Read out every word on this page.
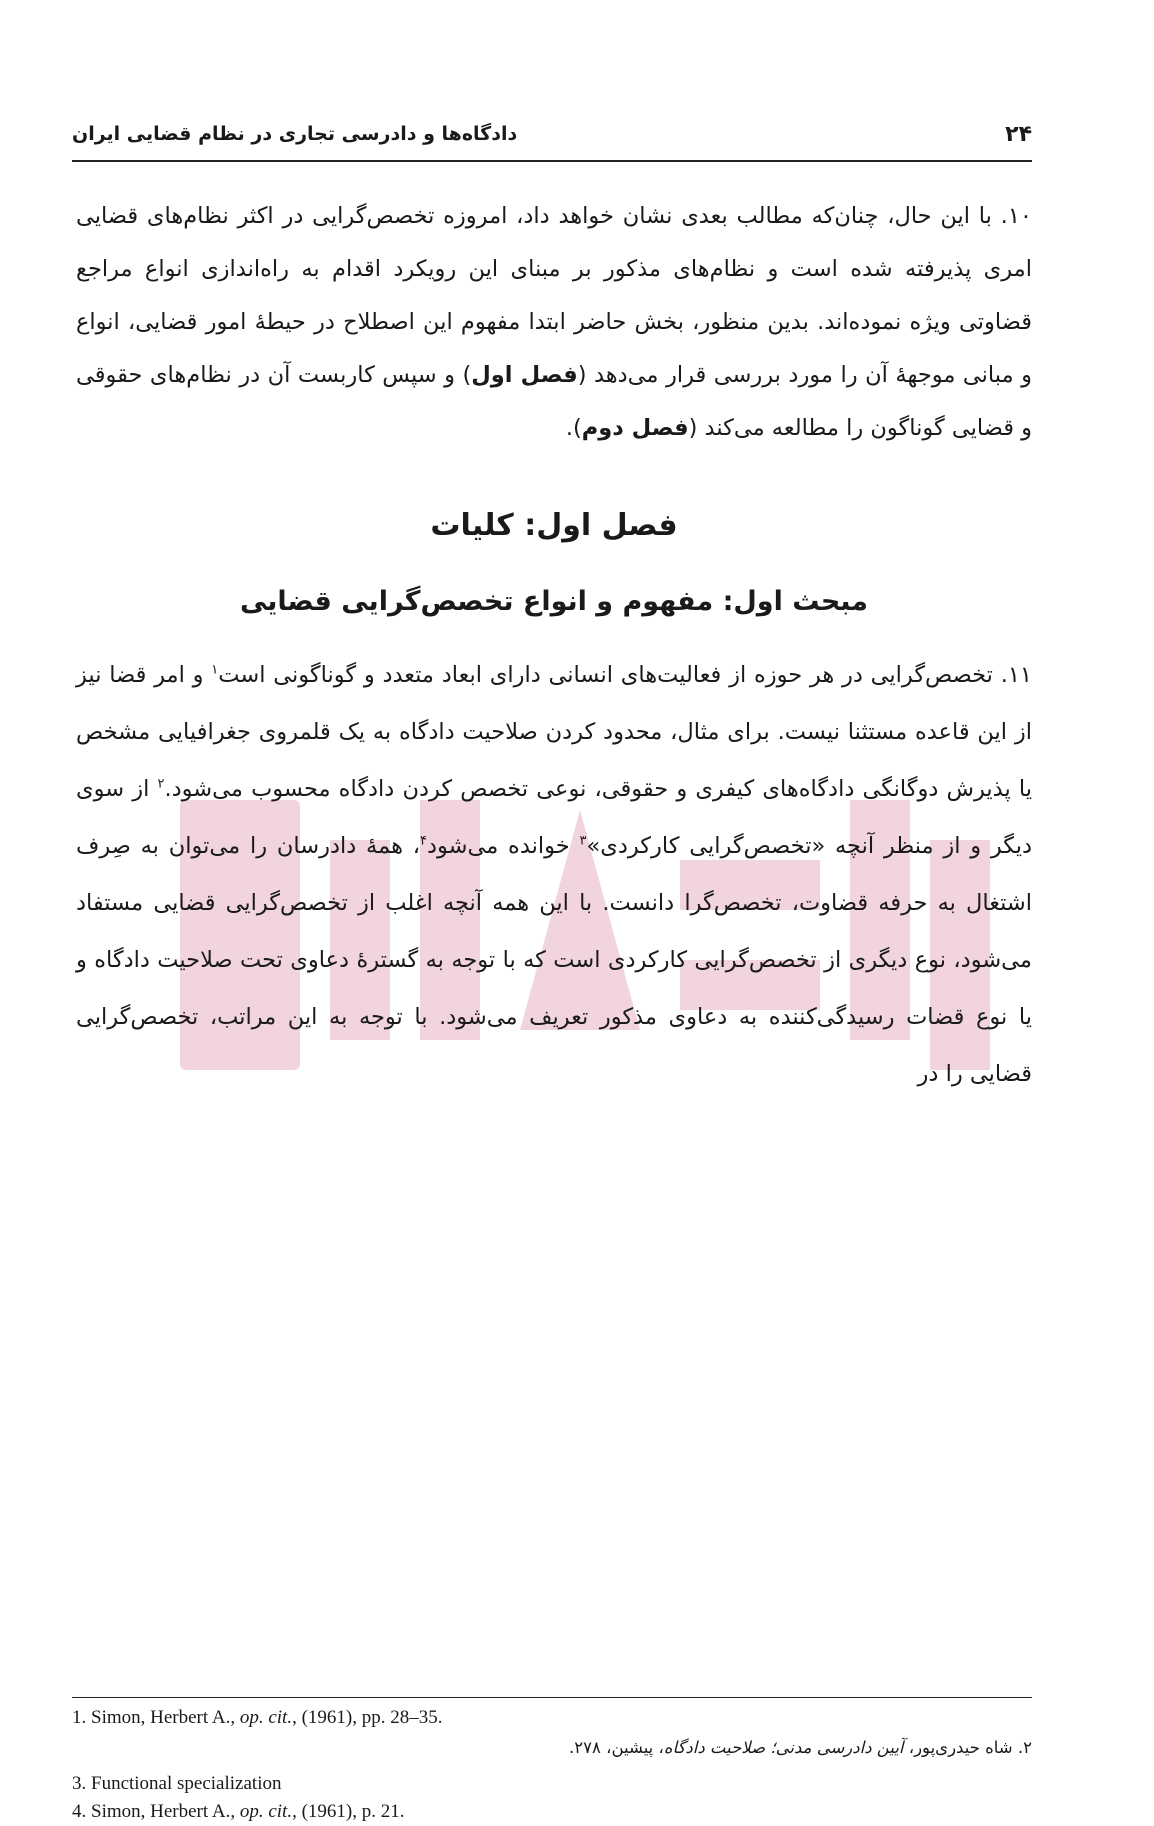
۲۴
دادگاه‌ها و دادرسی تجاری در نظام قضایی ایران

۱۰. با این حال، چنان‌که مطالب بعدی نشان خواهد داد، امروزه تخصص‌گرایی در اکثر نظام‌های قضایی امری پذیرفته شده است و نظام‌های مذکور بر مبنای این رویکرد اقدام به راه‌اندازی انواع مراجع قضاوتی ویژه نموده‌اند. بدین منظور، بخش حاضر ابتدا مفهوم این اصطلاح در حیطهٔ امور قضایی، انواع و مبانی موجههٔ آن را مورد بررسی قرار می‌دهد (فصل اول) و سپس کاربست آن در نظام‌های حقوقی و قضایی گوناگون را مطالعه می‌کند (فصل دوم).

فصل اول: کلیات
مبحث اول: مفهوم و انواع تخصص‌گرایی قضایی

۱۱. تخصص‌گرایی در هر حوزه از فعالیت‌های انسانی دارای ابعاد متعدد و گوناگونی است$^۱$ و امر قضا نیز از این قاعده مستثنا نیست. برای مثال، محدود کردن صلاحیت دادگاه به یک قلمروی جغرافیایی مشخص یا پذیرش دوگانگی دادگاه‌های کیفری و حقوقی، نوعی تخصص کردن دادگاه محسوب می‌شود.$^۲$ از سوی دیگر و از منظر آنچه «تخصص‌گرایی کارکردی»$^۳$ خوانده می‌شود$^۴$، همهٔ دادرسان را می‌توان به صِرف اشتغال به حرفه قضاوت، تخصص‌گرا دانست. با این همه آنچه اغلب از تخصص‌گرایی قضایی مستفاد می‌شود، نوع دیگری از تخصص‌گرایی کارکردی است که با توجه به گسترهٔ دعاوی تحت صلاحیت دادگاه و یا نوع قضات رسیدگی‌کننده به دعاوی مذکور تعریف می‌شود. با توجه به این مراتب، تخصص‌گرایی قضایی را در

1. Simon, Herbert A., op. cit., (1961), pp. 28–35.
۲. شاه حیدری‌پور، آیین دادرسی مدنی؛ صلاحیت دادگاه، پیشین، ۲۷۸.
3. Functional specialization
4. Simon, Herbert A., op. cit., (1961), p. 21.
